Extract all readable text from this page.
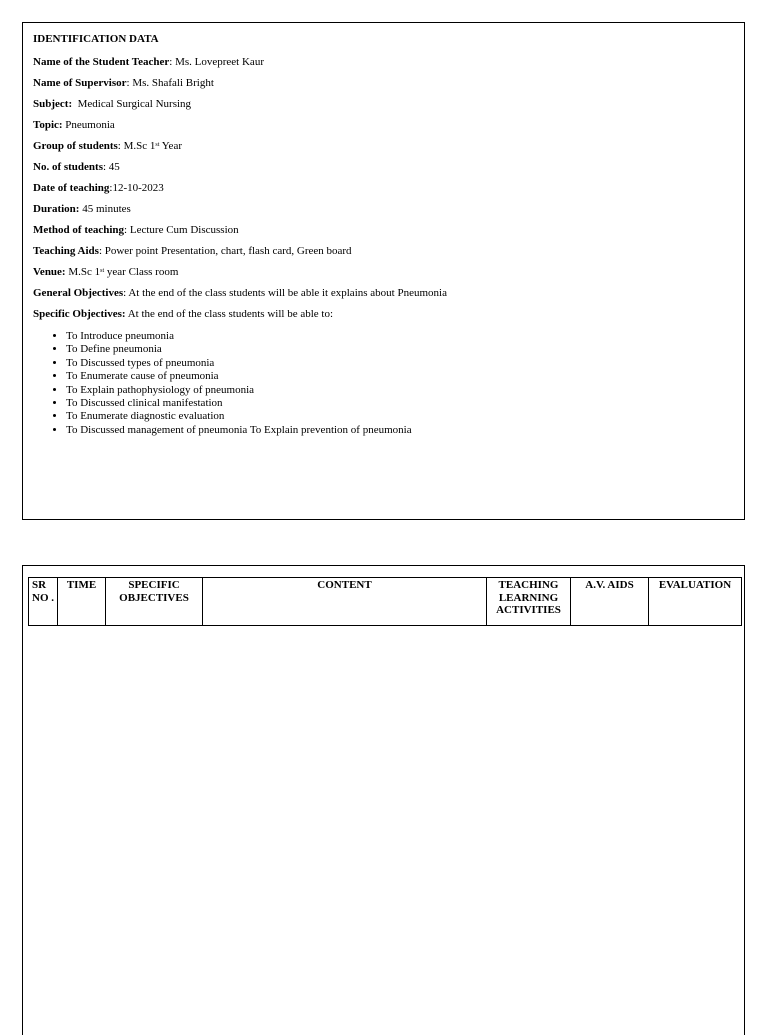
IDENTIFICATION DATA
Name of the Student Teacher: Ms. Lovepreet Kaur
Name of Supervisor: Ms. Shafali Bright
Subject: Medical Surgical Nursing
Topic: Pneumonia
Group of students: M.Sc 1st Year
No. of students: 45
Date of teaching:12-10-2023
Duration: 45 minutes
Method of teaching: Lecture Cum Discussion
Teaching Aids: Power point Presentation, chart, flash card, Green board
Venue: M.Sc 1st year Class room
General Objectives: At the end of the class students will be able it explains about Pneumonia
Specific Objectives: At the end of the class students will be able to:
• To Introduce pneumonia
• To Define pneumonia
• To Discussed types of pneumonia
• To Enumerate cause of pneumonia
• To Explain pathophysiology of pneumonia
• To Discussed clinical manifestation
• To Enumerate diagnostic evaluation
• To Discussed management of pneumonia To Explain prevention of pneumonia
SR NO .	TIME	SPECIFIC OBJECTIVES	CONTENT	TEACHING LEARNING ACTIVITIES	A.V. AIDS	EVALUATION
